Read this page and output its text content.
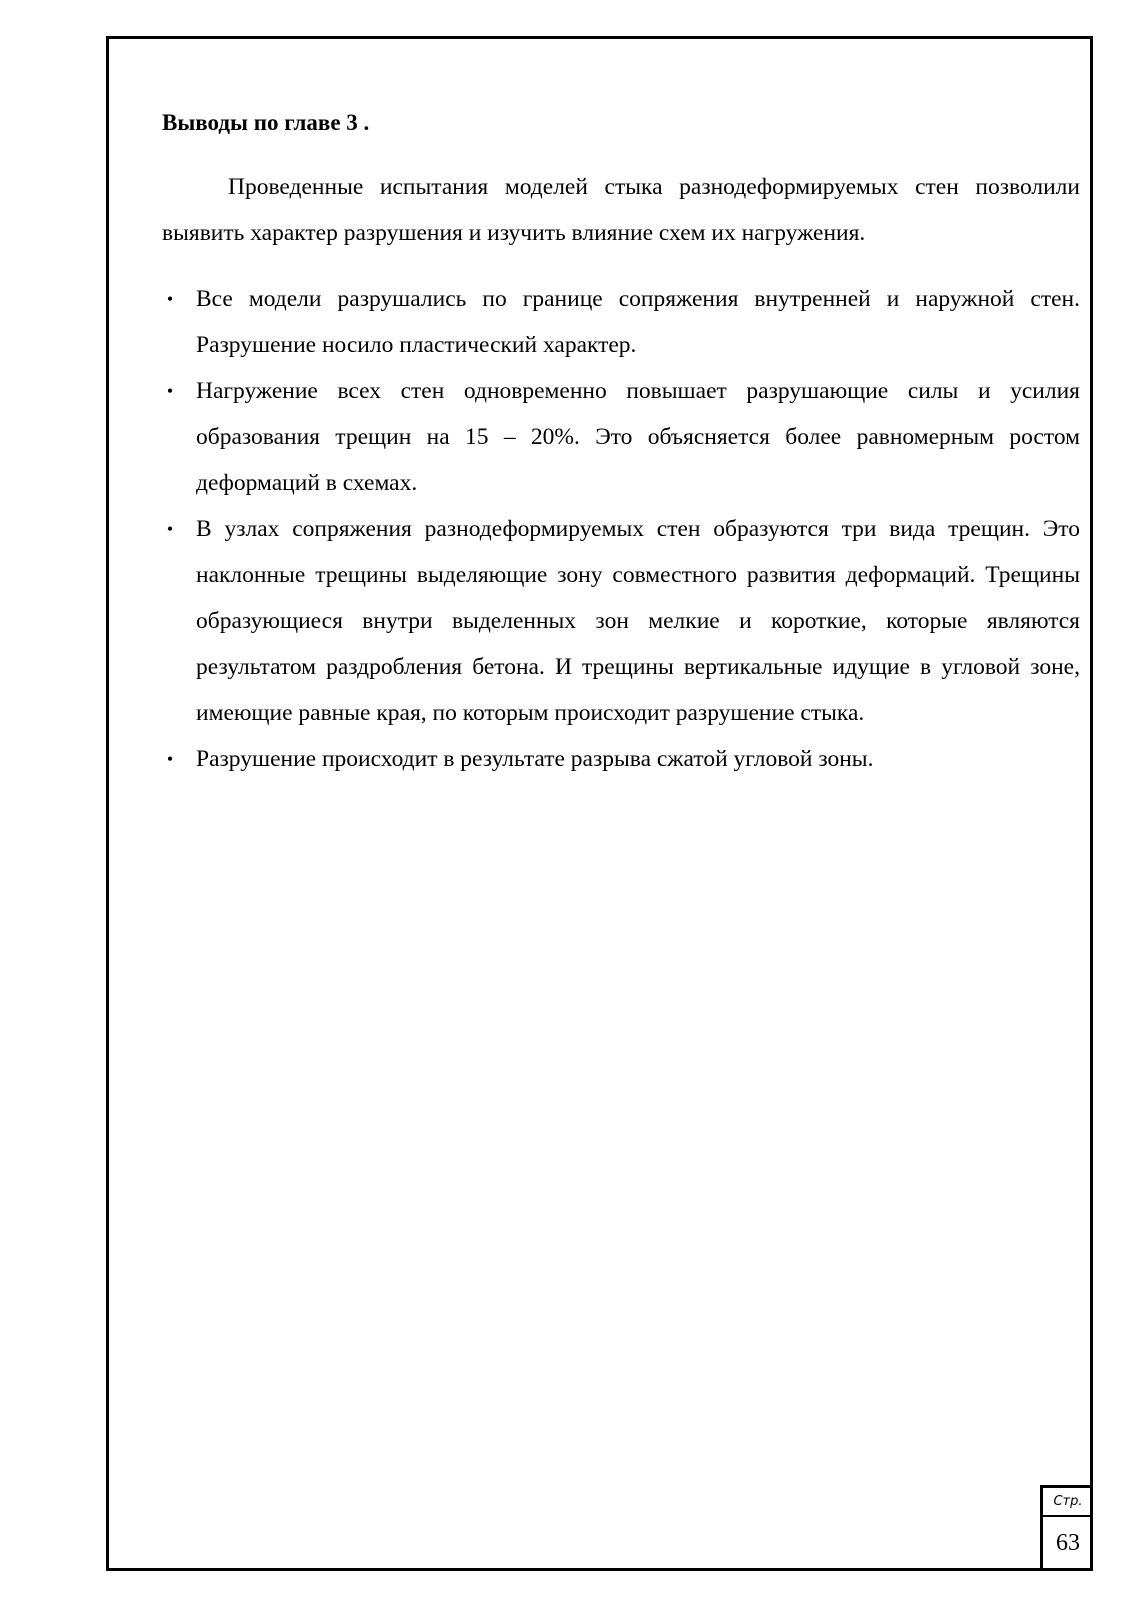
Выводы по главе 3 .

Проведенные испытания моделей стыка разнодеформируемых стен позволили выявить характер разрушения и изучить влияние схем их нагружения.

• Все модели разрушались по границе сопряжения внутренней и наружной стен. Разрушение носило пластический характер.
• Нагружение всех стен одновременно повышает разрушающие силы и усилия образования трещин на 15 – 20%. Это объясняется более равномерным ростом деформаций в схемах.
• В узлах сопряжения разнодеформируемых стен образуются три вида трещин. Это наклонные трещины выделяющие зону совместного развития деформаций. Трещины образующиеся внутри выделенных зон мелкие и короткие, которые являются результатом раздробления бетона. И трещины вертикальные идущие в угловой зоне, имеющие равные края, по которым происходит разрушение стыка.
• Разрушение происходит в результате разрыва сжатой угловой зоны.
Стр.
63
